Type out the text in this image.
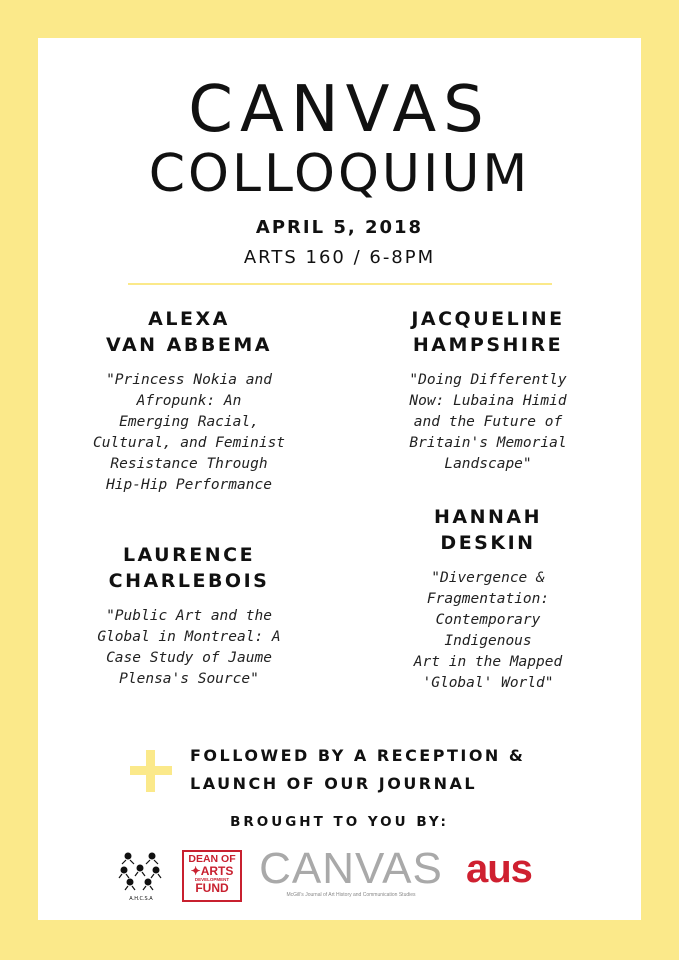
CANVAS
COLLOQUIUM
APRIL 5, 2018
ARTS 160 / 6-8PM
ALEXA
VAN ABBEMA
"Princess Nokia and
Afropunk: An
Emerging Racial,
Cultural, and Feminist
Resistance Through
Hip-Hip Performance
JACQUELINE
HAMPSHIRE
"Doing Differently
Now: Lubaina Himid
and the Future of
Britain's Memorial
Landscape"
LAURENCE
CHARLEBOIS
"Public Art and the
Global in Montreal: A
Case Study of Jaume
Plensa's Source"
HANNAH
DESKIN
"Divergence &
Fragmentation:
Contemporary
Indigenous
Art in the Mapped
'Global' World"
FOLLOWED BY A RECEPTION &
LAUNCH OF OUR JOURNAL
BROUGHT TO YOU BY:
A.H.C.S.A
DEAN OF
✦ARTS
DEVELOPMENT
FUND CANVAS
McGill's Journal of Art History and Communication Studies
aus
